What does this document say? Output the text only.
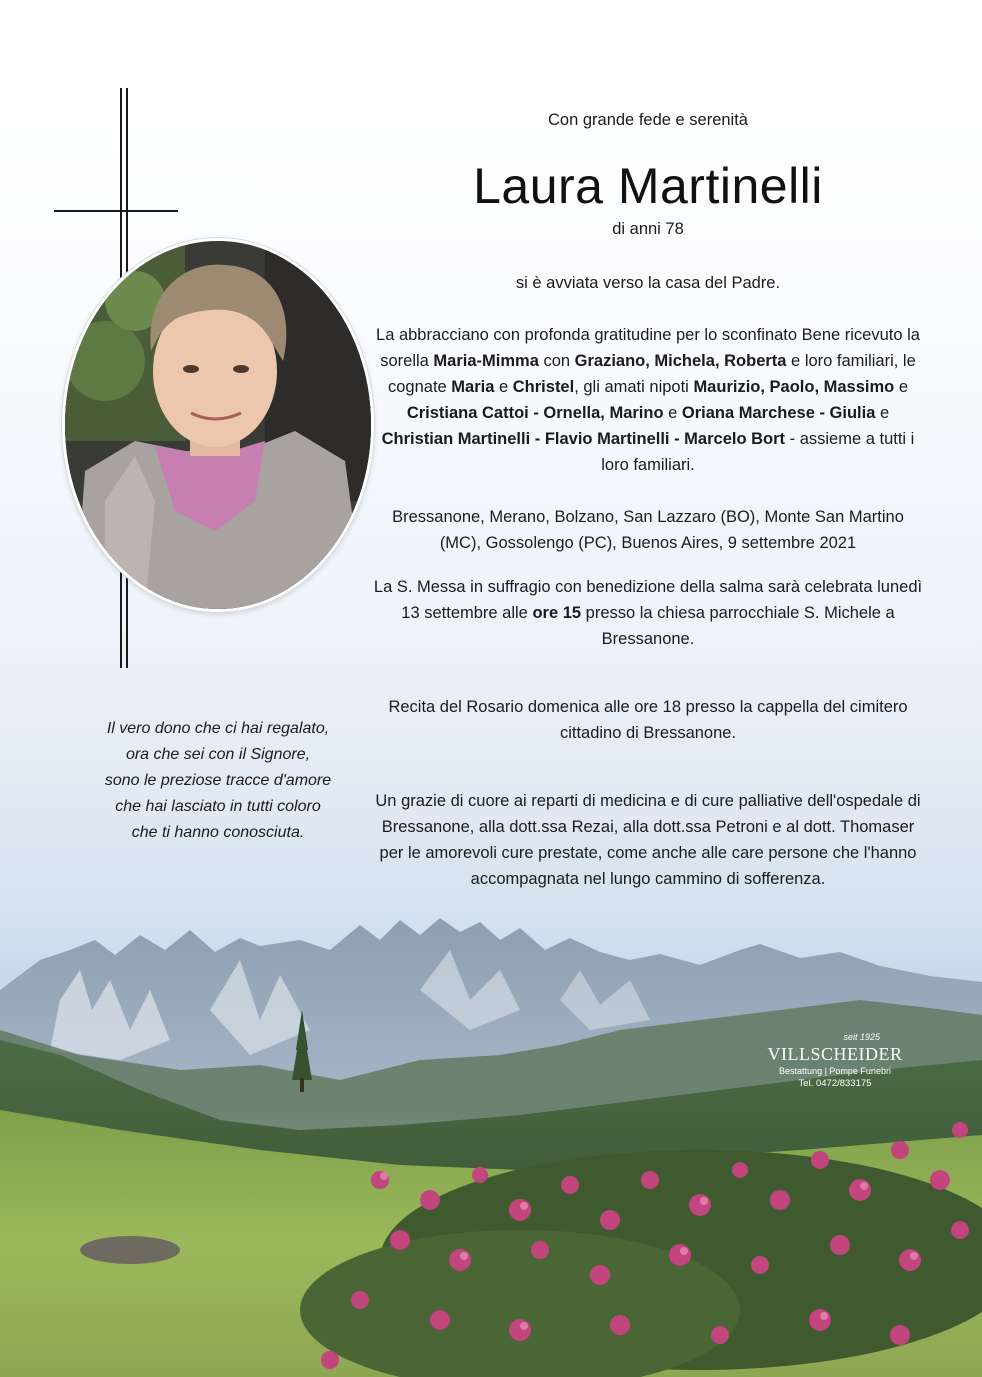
Con grande fede e serenità

Laura Martinelli

di anni 78

si è avviata verso la casa del Padre.

La abbracciano con profonda gratitudine per lo sconfinato Bene ricevuto la sorella Maria-Mimma con Graziano, Michela, Roberta e loro familiari, le cognate Maria e Christel, gli amati nipoti Maurizio, Paolo, Massimo e Cristiana Cattoi - Ornella, Marino e Oriana Marchese - Giulia e Christian Martinelli - Flavio Martinelli - Marcelo Bort - assieme a tutti i loro familiari.

Bressanone, Merano, Bolzano, San Lazzaro (BO), Monte San Martino (MC), Gossolengo (PC), Buenos Aires, 9 settembre 2021

La S. Messa in suffragio con benedizione della salma sarà celebrata lunedì 13 settembre alle ore 15 presso la chiesa parrocchiale S. Michele a Bressanone.

Recita del Rosario domenica alle ore 18 presso la cappella del cimitero cittadino di Bressanone.

Un grazie di cuore ai reparti di medicina e di cure palliative dell'ospedale di Bressanone, alla dott.ssa Rezai, alla dott.ssa Petroni e al dott. Thomaser per le amorevoli cure prestate, come anche alle care persone che l'hanno accompagnata nel lungo cammino di sofferenza.

Il vero dono che ci hai regalato,
ora che sei con il Signore,
sono le preziose tracce d'amore
che hai lasciato in tutti coloro
che ti hanno conosciuta.
seit 1925
VILLSCHEIDER
Bestattung | Pompe Funebri
Tel. 0472/833175
